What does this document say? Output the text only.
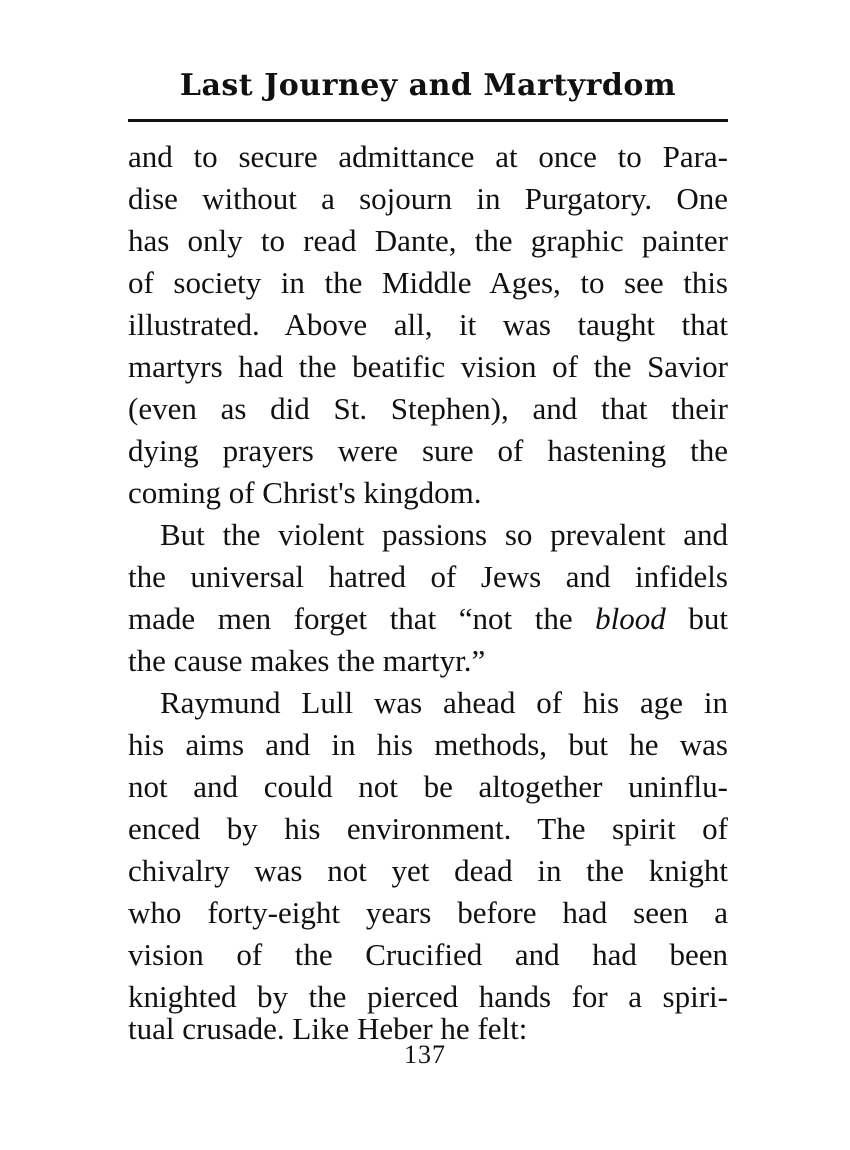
Last Journey and Martyrdom
and to secure admittance at once to Para-
dise without a sojourn in Purgatory. One
has only to read Dante, the graphic painter
of society in the Middle Ages, to see this
illustrated. Above all, it was taught that
martyrs had the beatific vision of the Savior
(even as did St. Stephen), and that their
dying prayers were sure of hastening the
coming of Christ's kingdom.
But the violent passions so prevalent and
the universal hatred of Jews and infidels
made men forget that “not the blood but
the cause makes the martyr.”
Raymund Lull was ahead of his age in
his aims and in his methods, but he was
not and could not be altogether uninflu-
enced by his environment. The spirit of
chivalry was not yet dead in the knight
who forty-eight years before had seen a
vision of the Crucified and had been
knighted by the pierced hands for a spiri-
tual crusade. Like Heber he felt:
137
